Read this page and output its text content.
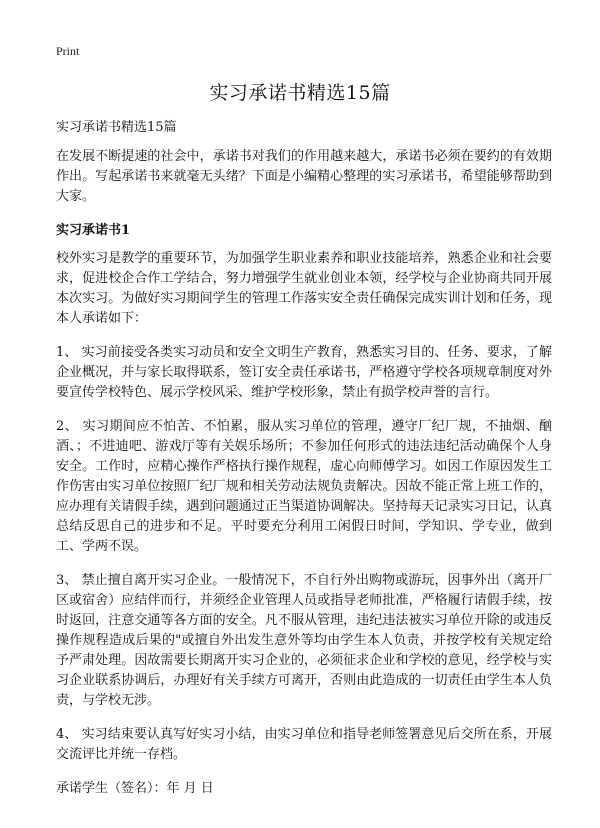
Print
实习承诺书精选15篇

实习承诺书精选15篇

在发展不断提速的社会中，承诺书对我们的作用越来越大，承诺书必须在要约的有效期作出。写起承诺书来就毫无头绪？下面是小编精心整理的实习承诺书，希望能够帮助到大家。

实习承诺书1

校外实习是教学的重要环节，为加强学生职业素养和职业技能培养，熟悉企业和社会要求，促进校企合作工学结合，努力增强学生就业创业本领，经学校与企业协商共同开展本次实习。为做好实习期间学生的管理工作落实安全责任确保完成实训计划和任务，现本人承诺如下：

1、 实习前接受各类实习动员和安全文明生产教育，熟悉实习目的、任务、要求，了解企业概况，并与家长取得联系，签订安全责任承诺书，严格遵守学校各项规章制度对外要宣传学校特色、展示学校风采、维护学校形象，禁止有损学校声誉的言行。

2、 实习期间应不怕苦、不怕累，服从实习单位的管理，遵守厂纪厂规，不抽烟、酗酒、；不进迪吧、游戏厅等有关娱乐场所；不参加任何形式的违法违纪活动确保个人身安全。工作时，应精心操作严格执行操作规程，虚心向师傅学习。如因工作原因发生工作伤害由实习单位按照厂纪厂规和相关劳动法规负责解决。因故不能正常上班工作的，应办理有关请假手续，遇到问题通过正当渠道协调解决。坚持每天记录实习日记，认真总结反思自己的进步和不足。平时要充分利用工闲假日时间，学知识、学专业，做到工、学两不误。

3、 禁止擅自离开实习企业。一般情况下，不自行外出购物或游玩，因事外出（离开厂区或宿舍）应结伴而行，并须经企业管理人员或指导老师批准，严格履行请假手续，按时返回，注意交通等各方面的安全。凡不服从管理，违纪违法被实习单位开除的或违反操作规程造成后果的"或擅自外出发生意外等均由学生本人负责，并按学校有关规定给予严肃处理。因故需要长期离开实习企业的，必须征求企业和学校的意见，经学校与实习企业联系协调后，办理好有关手续方可离开，否则由此造成的一切责任由学生本人负责，与学校无涉。

4、 实习结束要认真写好实习小结，由实习单位和指导老师签署意见后交所在系，开展交流评比并统一存档。

承诺学生（签名）：年 月 日
